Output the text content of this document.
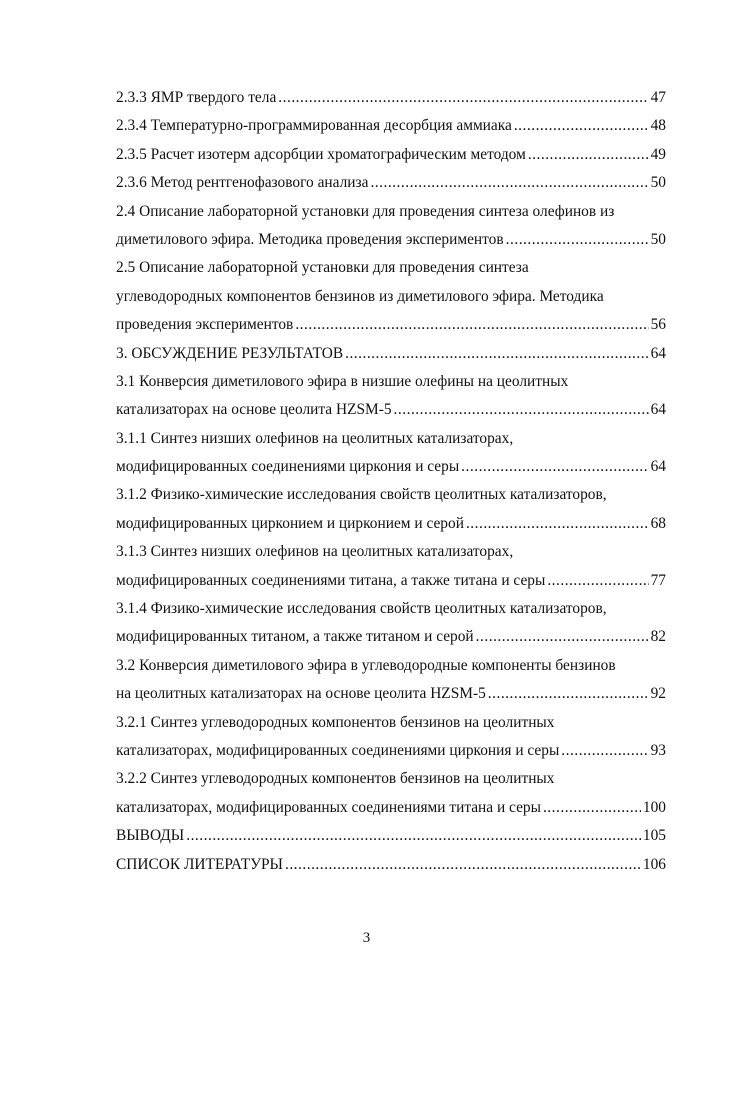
2.3.3 ЯМР твердого тела .....	47
2.3.4 Температурно-программированная десорбция аммиака .....	48
2.3.5 Расчет изотерм адсорбции хроматографическим методом .....	49
2.3.6 Метод рентгенофазового анализа .....	50
2.4 Описание лабораторной установки для проведения синтеза олефинов из
диметилового эфира. Методика проведения экспериментов .....	50
2.5 Описание лабораторной установки для проведения синтеза
углеводородных компонентов бензинов из диметилового эфира. Методика
проведения экспериментов .....	56
3. ОБСУЖДЕНИЕ РЕЗУЛЬТАТОВ .....	64
3.1 Конверсия диметилового эфира в низшие олефины на цеолитных
катализаторах на основе цеолита HZSM-5 .....	64
3.1.1 Синтез низших олефинов на цеолитных катализаторах,
модифицированных соединениями циркония и серы .....	64
3.1.2 Физико-химические исследования свойств цеолитных катализаторов,
модифицированных цирконием и цирконием и серой .....	68
3.1.3 Синтез низших олефинов на цеолитных катализаторах,
модифицированных соединениями титана, а также титана и серы .....	77
3.1.4 Физико-химические исследования свойств цеолитных катализаторов,
модифицированных титаном, а также титаном и серой .....	82
3.2 Конверсия диметилового эфира в углеводородные компоненты бензинов
на цеолитных катализаторах на основе цеолита HZSM-5 .....	92
3.2.1 Синтез углеводородных компонентов бензинов на цеолитных
катализаторах, модифицированных соединениями циркония и серы .....	93
3.2.2 Синтез углеводородных компонентов бензинов на цеолитных
катализаторах, модифицированных соединениями титана и серы .....	100
ВЫВОДЫ .....	105
СПИСОК ЛИТЕРАТУРЫ .....	106
3
